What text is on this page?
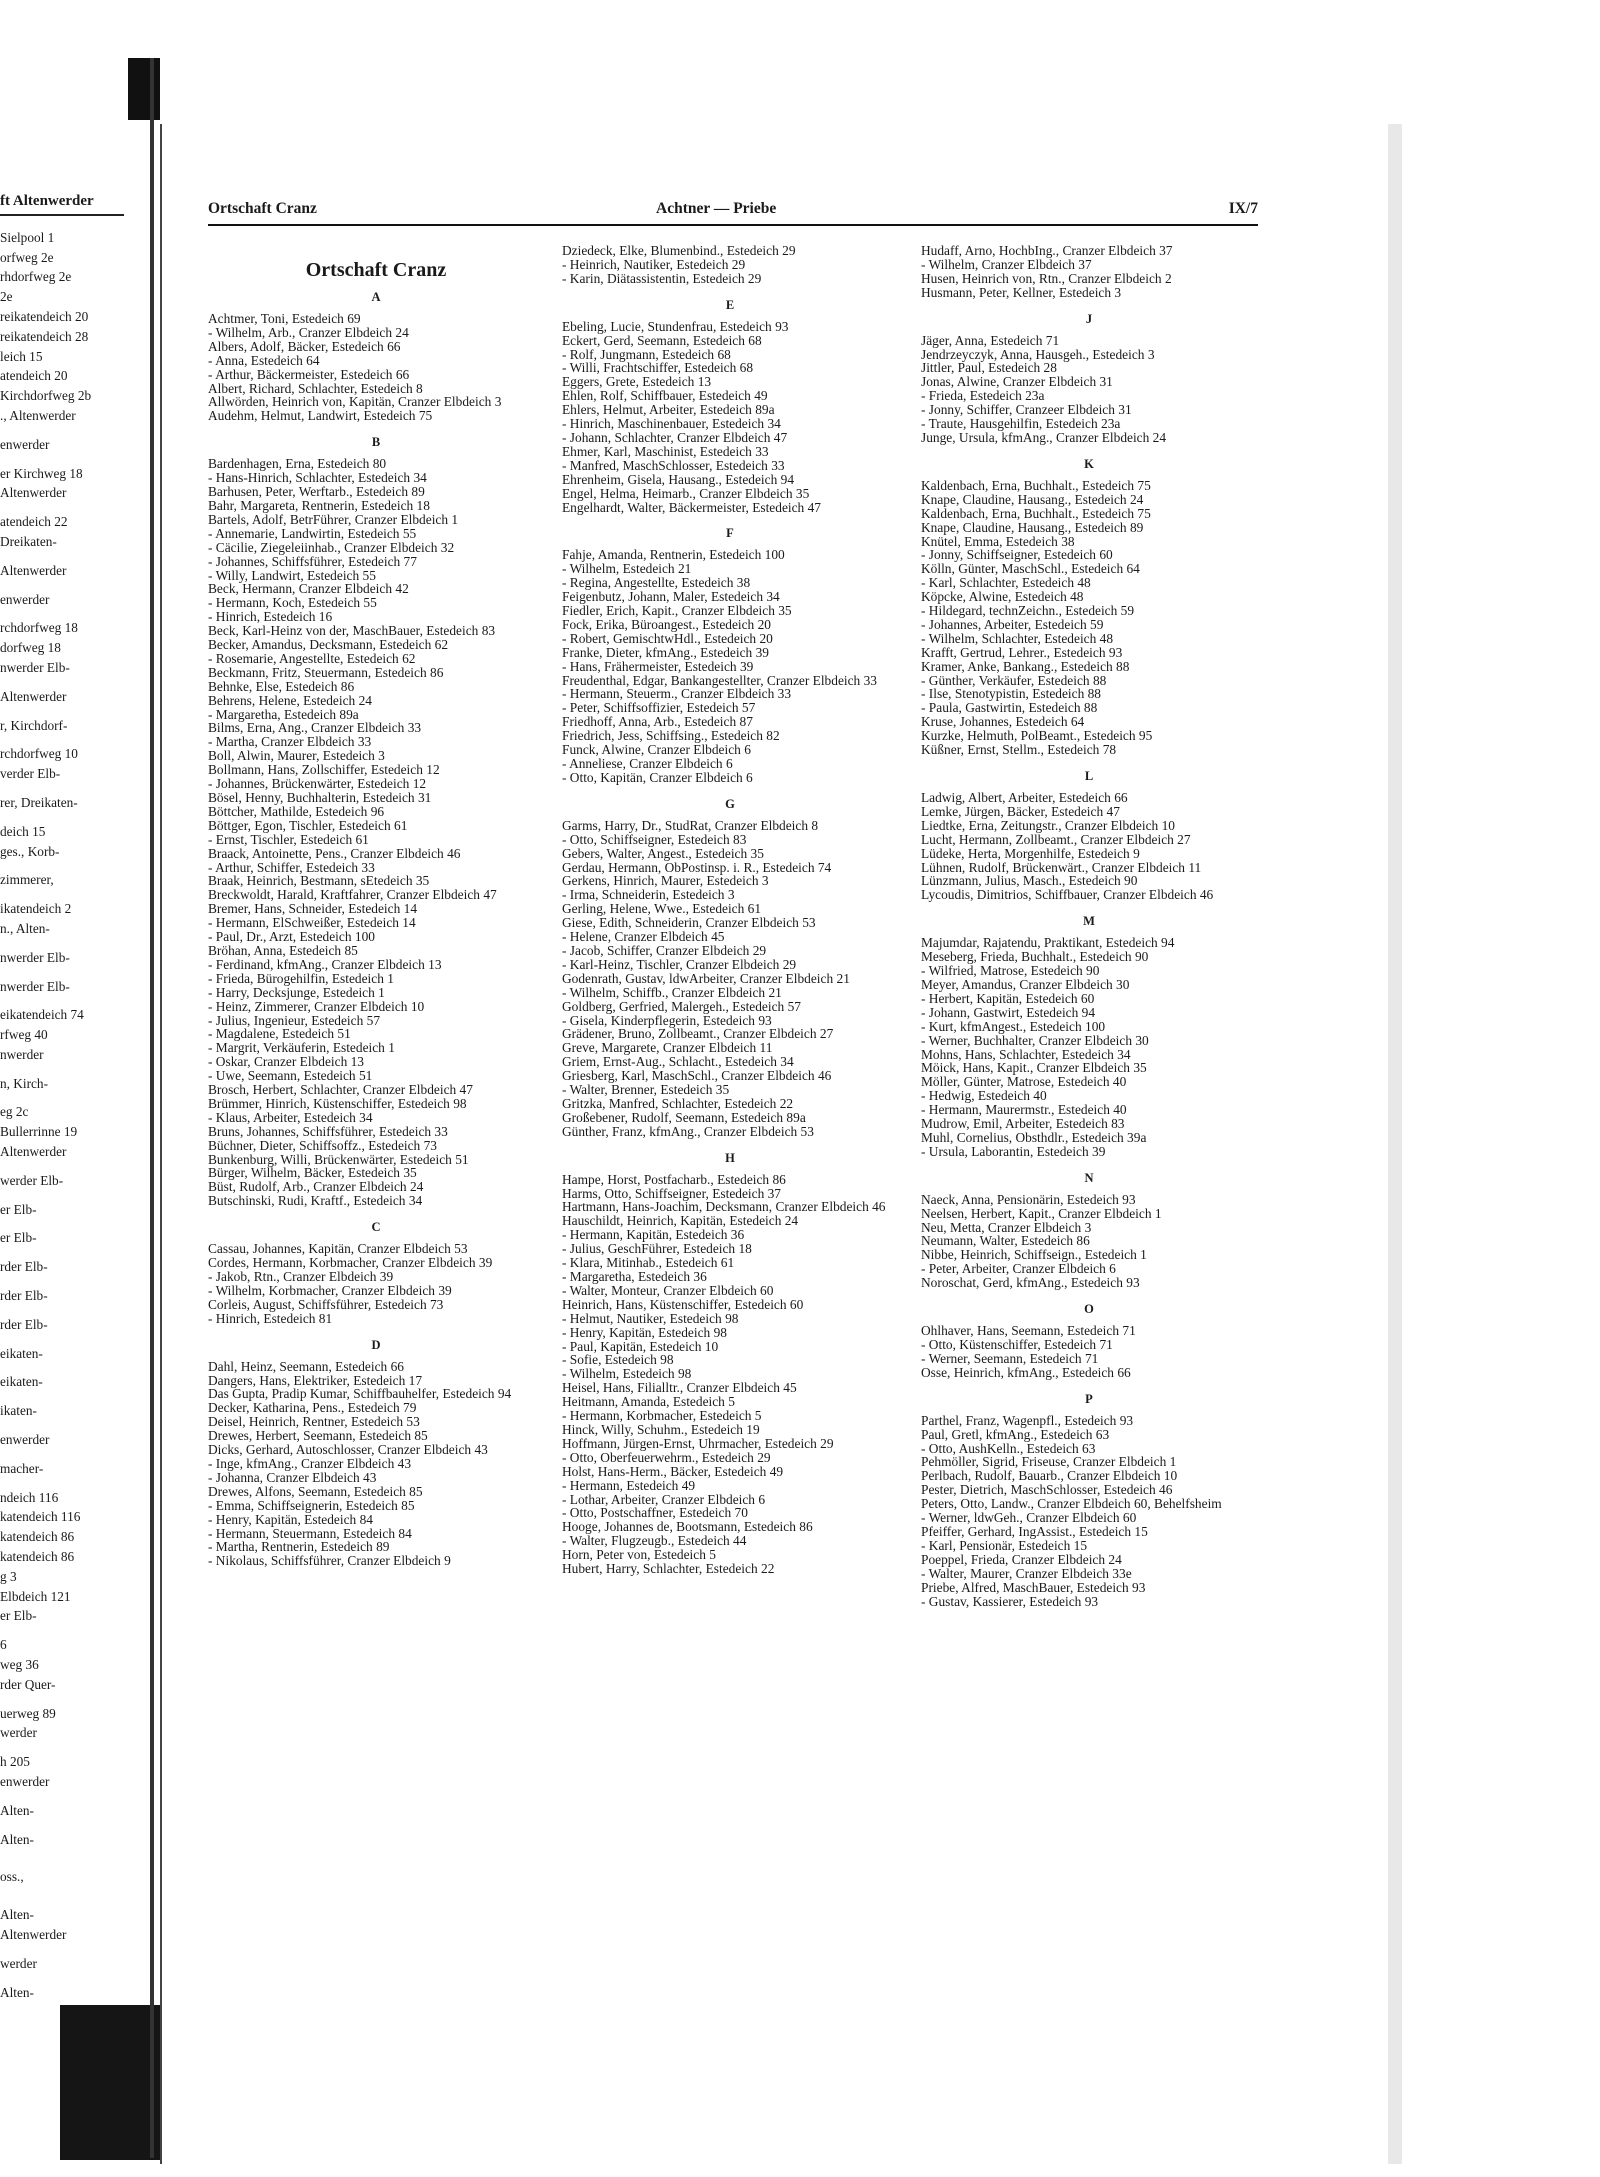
ft Altenwerder
Sielpool 1
orfweg 2e
rhdorfweg 2e
2e
reikatendeich 20
reikatendeich 28
leich 15
atendeich 20
Kirchdorfweg 2b
., Altenwerder
enwerder
er Kirchweg 18
Altenwerder
atendeich 22
Dreikaten-
Altenwerder
enwerder
rchdorfweg 18
dorfweg 18
nwerder Elb-
Altenwerder
r, Kirchdorf-
rchdorfweg 10
verder Elb-
rer, Dreikaten-
deich 15
ges., Korb-
zimmerer,
ikatendeich 2
n., Alten-
nwerder Elb-
nwerder Elb-
eikatendeich 74
rfweg 40
nwerder
n, Kirch-
eg 2c
Bullerrinne 19
Altenwerder
werder Elb-
er Elb-
er Elb-
rder Elb-
rder Elb-
rder Elb-
eikaten-
eikaten-
ikaten-
enwerder
macher-
ndeich 116
katendeich 116
katendeich 86
katendeich 86
g 3
Elbdeich 121
er Elb-
6
weg 36
rder Quer-
uerweg 89
werder
h 205
enwerder
Alten-
Alten-
oss.,
Alten-
Altenwerder
werder
Alten-
Ortschaft Cranz	Achtner — Priebe	IX/7
Ortschaft Cranz
A
Achtmer, Toni, Estedeich 69
- Wilhelm, Arb., Cranzer Elbdeich 24
Albers, Adolf, Bäcker, Estedeich 66
- Anna, Estedeich 64
- Arthur, Bäckermeister, Estedeich 66
Albert, Richard, Schlachter, Estedeich 8
Allwörden, Heinrich von, Kapitän, Cranzer Elbdeich 3
Audehm, Helmut, Landwirt, Estedeich 75
B
Bardenhagen, Erna, Estedeich 80
- Hans-Hinrich, Schlachter, Estedeich 34
Barhusen, Peter, Werftarb., Estedeich 89
Bahr, Margareta, Rentnerin, Estedeich 18
Bartels, Adolf, BetrFührer, Cranzer Elbdeich 1
- Annemarie, Landwirtin, Estedeich 55
- Cäcilie, Ziegeleiinhab., Cranzer Elbdeich 32
- Johannes, Schiffsführer, Estedeich 77
- Willy, Landwirt, Estedeich 55
Beck, Hermann, Cranzer Elbdeich 42
- Hermann, Koch, Estedeich 55
- Hinrich, Estedeich 16
Beck, Karl-Heinz von der, MaschBauer, Estedeich 83
Becker, Amandus, Decksmann, Estedeich 62
- Rosemarie, Angestellte, Estedeich 62
Beckmann, Fritz, Steuermann, Estedeich 86
Behnke, Else, Estedeich 86
Behrens, Helene, Estedeich 24
- Margaretha, Estedeich 89a
Bilms, Erna, Ang., Cranzer Elbdeich 33
- Martha, Cranzer Elbdeich 33
Boll, Alwin, Maurer, Estedeich 3
Bollmann, Hans, Zollschiffer, Estedeich 12
- Johannes, Brückenwärter, Estedeich 12
Bösel, Henny, Buchhalterin, Estedeich 31
Böttcher, Mathilde, Estedeich 96
Böttger, Egon, Tischler, Estedeich 61
- Ernst, Tischler, Estedeich 61
Braack, Antoinette, Pens., Cranzer Elbdeich 46
- Arthur, Schiffer, Estedeich 33
Braak, Heinrich, Bestmann, sEtedeich 35
Breckwoldt, Harald, Kraftfahrer, Cranzer Elbdeich 47
Bremer, Hans, Schneider, Estedeich 14
- Hermann, ElSchweißer, Estedeich 14
- Paul, Dr., Arzt, Estedeich 100
Bröhan, Anna, Estedeich 85
- Ferdinand, kfmAng., Cranzer Elbdeich 13
- Frieda, Bürogehilfin, Estedeich 1
- Harry, Decksjunge, Estedeich 1
- Heinz, Zimmerer, Cranzer Elbdeich 10
- Julius, Ingenieur, Estedeich 57
- Magdalene, Estedeich 51
- Margrit, Verkäuferin, Estedeich 1
- Oskar, Cranzer Elbdeich 13
- Uwe, Seemann, Estedeich 51
Brosch, Herbert, Schlachter, Cranzer Elbdeich 47
Brümmer, Hinrich, Küstenschiffer, Estedeich 98
- Klaus, Arbeiter, Estedeich 34
Bruns, Johannes, Schiffsführer, Estedeich 33
Büchner, Dieter, Schiffsoffz., Estedeich 73
Bunkenburg, Willi, Brückenwärter, Estedeich 51
Bürger, Wilhelm, Bäcker, Estedeich 35
Büst, Rudolf, Arb., Cranzer Elbdeich 24
Butschinski, Rudi, Kraftf., Estedeich 34
C
Cassau, Johannes, Kapitän, Cranzer Elbdeich 53
Cordes, Hermann, Korbmacher, Cranzer Elbdeich 39
- Jakob, Rtn., Cranzer Elbdeich 39
- Wilhelm, Korbmacher, Cranzer Elbdeich 39
Corleis, August, Schiffsführer, Estedeich 73
- Hinrich, Estedeich 81
D
Dahl, Heinz, Seemann, Estedeich 66
Dangers, Hans, Elektriker, Estedeich 17
Das Gupta, Pradip Kumar, Schiffbauhelfer, Estedeich 94
Decker, Katharina, Pens., Estedeich 79
Deisel, Heinrich, Rentner, Estedeich 53
Drewes, Herbert, Seemann, Estedeich 85
Dicks, Gerhard, Autoschlosser, Cranzer Elbdeich 43
- Inge, kfmAng., Cranzer Elbdeich 43
- Johanna, Cranzer Elbdeich 43
Drewes, Alfons, Seemann, Estedeich 85
- Emma, Schiffseignerin, Estedeich 85
- Henry, Kapitän, Estedeich 84
- Hermann, Steuermann, Estedeich 84
- Martha, Rentnerin, Estedeich 89
- Nikolaus, Schiffsführer, Cranzer Elbdeich 9
Dziedeck, Elke, Blumenbind., Estedeich 29
- Heinrich, Nautiker, Estedeich 29
- Karin, Diätassistentin, Estedeich 29
E
Ebeling, Lucie, Stundenfrau, Estedeich 93
Eckert, Gerd, Seemann, Estedeich 68
- Rolf, Jungmann, Estedeich 68
- Willi, Frachtschiffer, Estedeich 68
Eggers, Grete, Estedeich 13
Ehlen, Rolf, Schiffbauer, Estedeich 49
Ehlers, Helmut, Arbeiter, Estedeich 89a
- Hinrich, Maschinenbauer, Estedeich 34
- Johann, Schlachter, Cranzer Elbdeich 47
Ehmer, Karl, Maschinist, Estedeich 33
- Manfred, MaschSchlosser, Estedeich 33
Ehrenheim, Gisela, Hausang., Estedeich 94
Engel, Helma, Heimarb., Cranzer Elbdeich 35
Engelhardt, Walter, Bäckermeister, Estedeich 47
F
Fahje, Amanda, Rentnerin, Estedeich 100
- Wilhelm, Estedeich 21
- Regina, Angestellte, Estedeich 38
Feigenbutz, Johann, Maler, Estedeich 34
Fiedler, Erich, Kapit., Cranzer Elbdeich 35
Fock, Erika, Büroangest., Estedeich 20
- Robert, GemischtwHdl., Estedeich 20
Franke, Dieter, kfmAng., Estedeich 39
- Hans, Frähermeister, Estedeich 39
Freudenthal, Edgar, Bankangestellter, Cranzer Elbdeich 33
- Hermann, Steuerm., Cranzer Elbdeich 33
- Peter, Schiffsoffizier, Estedeich 57
Friedhoff, Anna, Arb., Estedeich 87
Friedrich, Jess, Schiffsing., Estedeich 82
Funck, Alwine, Cranzer Elbdeich 6
- Anneliese, Cranzer Elbdeich 6
- Otto, Kapitän, Cranzer Elbdeich 6
G
Garms, Harry, Dr., StudRat, Cranzer Elbdeich 8
- Otto, Schiffseigner, Estedeich 83
Gebers, Walter, Angest., Estedeich 35
Gerdau, Hermann, ObPostinsp. i. R., Estedeich 74
Gerkens, Hinrich, Maurer, Estedeich 3
- Irma, Schneiderin, Estedeich 3
Gerling, Helene, Wwe., Estedeich 61
Giese, Edith, Schneiderin, Cranzer Elbdeich 53
- Helene, Cranzer Elbdeich 45
- Jacob, Schiffer, Cranzer Elbdeich 29
- Karl-Heinz, Tischler, Cranzer Elbdeich 29
Godenrath, Gustav, ldwArbeiter, Cranzer Elbdeich 21
- Wilhelm, Schiffb., Cranzer Elbdeich 21
Goldberg, Gerfried, Malergeh., Estedeich 57
- Gisela, Kinderpflegerin, Estedeich 93
Grädener, Bruno, Zollbeamt., Cranzer Elbdeich 27
Greve, Margarete, Cranzer Elbdeich 11
Griem, Ernst-Aug., Schlacht., Estedeich 34
Griesberg, Karl, MaschSchl., Cranzer Elbdeich 46
- Walter, Brenner, Estedeich 35
Gritzka, Manfred, Schlachter, Estedeich 22
Großebener, Rudolf, Seemann, Estedeich 89a
Günther, Franz, kfmAng., Cranzer Elbdeich 53
H
Hampe, Horst, Postfacharb., Estedeich 86
Harms, Otto, Schiffseigner, Estedeich 37
Hartmann, Hans-Joachim, Decksmann, Cranzer Elbdeich 46
Hauschildt, Heinrich, Kapitän, Estedeich 24
- Hermann, Kapitän, Estedeich 36
- Julius, GeschFührer, Estedeich 18
- Klara, Mitinhab., Estedeich 61
- Margaretha, Estedeich 36
- Walter, Monteur, Cranzer Elbdeich 60
Heinrich, Hans, Küstenschiffer, Estedeich 60
- Helmut, Nautiker, Estedeich 98
- Henry, Kapitän, Estedeich 98
- Paul, Kapitän, Estedeich 10
- Sofie, Estedeich 98
- Wilhelm, Estedeich 98
Heisel, Hans, Filialltr., Cranzer Elbdeich 45
Heitmann, Amanda, Estedeich 5
- Hermann, Korbmacher, Estedeich 5
Hinck, Willy, Schuhm., Estedeich 19
Hoffmann, Jürgen-Ernst, Uhrmacher, Estedeich 29
- Otto, Oberfeuerwehrm., Estedeich 29
Holst, Hans-Herm., Bäcker, Estedeich 49
- Hermann, Estedeich 49
- Lothar, Arbeiter, Cranzer Elbdeich 6
- Otto, Postschaffner, Estedeich 70
Hooge, Johannes de, Bootsmann, Estedeich 86
- Walter, Flugzeugb., Estedeich 44
Horn, Peter von, Estedeich 5
Hubert, Harry, Schlachter, Estedeich 22
Hudaff, Arno, HochbIng., Cranzer Elbdeich 37
- Wilhelm, Cranzer Elbdeich 37
Husen, Heinrich von, Rtn., Cranzer Elbdeich 2
Husmann, Peter, Kellner, Estedeich 3
J
Jäger, Anna, Estedeich 71
Jendrzeyczyk, Anna, Hausgeh., Estedeich 3
Jittler, Paul, Estedeich 28
Jonas, Alwine, Cranzer Elbdeich 31
- Frieda, Estedeich 23a
- Jonny, Schiffer, Cranzeer Elbdeich 31
- Traute, Hausgehilfin, Estedeich 23a
Junge, Ursula, kfmAng., Cranzer Elbdeich 24
K
Kaldenbach, Erna, Buchhalt., Estedeich 75
Knape, Claudine, Hausang., Estedeich 24
Kaldenbach, Erna, Buchhalt., Estedeich 75
Knape, Claudine, Hausang., Estedeich 89
Knütel, Emma, Estedeich 38
- Jonny, Schiffseigner, Estedeich 60
Kölln, Günter, MaschSchl., Estedeich 64
- Karl, Schlachter, Estedeich 48
Köpcke, Alwine, Estedeich 48
- Hildegard, technZeichn., Estedeich 59
- Johannes, Arbeiter, Estedeich 59
- Wilhelm, Schlachter, Estedeich 48
Krafft, Gertrud, Lehrer., Estedeich 93
Kramer, Anke, Bankang., Estedeich 88
- Günther, Verkäufer, Estedeich 88
- Ilse, Stenotypistin, Estedeich 88
- Paula, Gastwirtin, Estedeich 88
Kruse, Johannes, Estedeich 64
Kurzke, Helmuth, PolBeamt., Estedeich 95
Küßner, Ernst, Stellm., Estedeich 78
L
Ladwig, Albert, Arbeiter, Estedeich 66
Lemke, Jürgen, Bäcker, Estedeich 47
Liedtke, Erna, Zeitungstr., Cranzer Elbdeich 10
Lucht, Hermann, Zollbeamt., Cranzer Elbdeich 27
Lüdeke, Herta, Morgenhilfe, Estedeich 9
Lühnen, Rudolf, Brückenwärt., Cranzer Elbdeich 11
Lünzmann, Julius, Masch., Estedeich 90
Lycoudis, Dimitrios, Schiffbauer, Cranzer Elbdeich 46
M
Majumdar, Rajatendu, Praktikant, Estedeich 94
Meseberg, Frieda, Buchhalt., Estedeich 90
- Wilfried, Matrose, Estedeich 90
Meyer, Amandus, Cranzer Elbdeich 30
- Herbert, Kapitän, Estedeich 60
- Johann, Gastwirt, Estedeich 94
- Kurt, kfmAngest., Estedeich 100
- Werner, Buchhalter, Cranzer Elbdeich 30
Mohns, Hans, Schlachter, Estedeich 34
Möick, Hans, Kapit., Cranzer Elbdeich 35
Möller, Günter, Matrose, Estedeich 40
- Hedwig, Estedeich 40
- Hermann, Maurermstr., Estedeich 40
Mudrow, Emil, Arbeiter, Estedeich 83
Muhl, Cornelius, Obsthdlr., Estedeich 39a
- Ursula, Laborantin, Estedeich 39
N
Naeck, Anna, Pensionärin, Estedeich 93
Neelsen, Herbert, Kapit., Cranzer Elbdeich 1
Neu, Metta, Cranzer Elbdeich 3
Neumann, Walter, Estedeich 86
Nibbe, Heinrich, Schiffseign., Estedeich 1
- Peter, Arbeiter, Cranzer Elbdeich 6
Noroschat, Gerd, kfmAng., Estedeich 93
O
Ohlhaver, Hans, Seemann, Estedeich 71
- Otto, Küstenschiffer, Estedeich 71
- Werner, Seemann, Estedeich 71
Osse, Heinrich, kfmAng., Estedeich 66
P
Parthel, Franz, Wagenpfl., Estedeich 93
Paul, Gretl, kfmAng., Estedeich 63
- Otto, AushKelln., Estedeich 63
Pehmöller, Sigrid, Friseuse, Cranzer Elbdeich 1
Perlbach, Rudolf, Bauarb., Cranzer Elbdeich 10
Pester, Dietrich, MaschSchlosser, Estedeich 46
Peters, Otto, Landw., Cranzer Elbdeich 60, Behelfsheim
- Werner, ldwGeh., Cranzer Elbdeich 60
Pfeiffer, Gerhard, IngAssist., Estedeich 15
- Karl, Pensionär, Estedeich 15
Poeppel, Frieda, Cranzer Elbdeich 24
- Walter, Maurer, Cranzer Elbdeich 33e
Priebe, Alfred, MaschBauer, Estedeich 93
- Gustav, Kassierer, Estedeich 93
